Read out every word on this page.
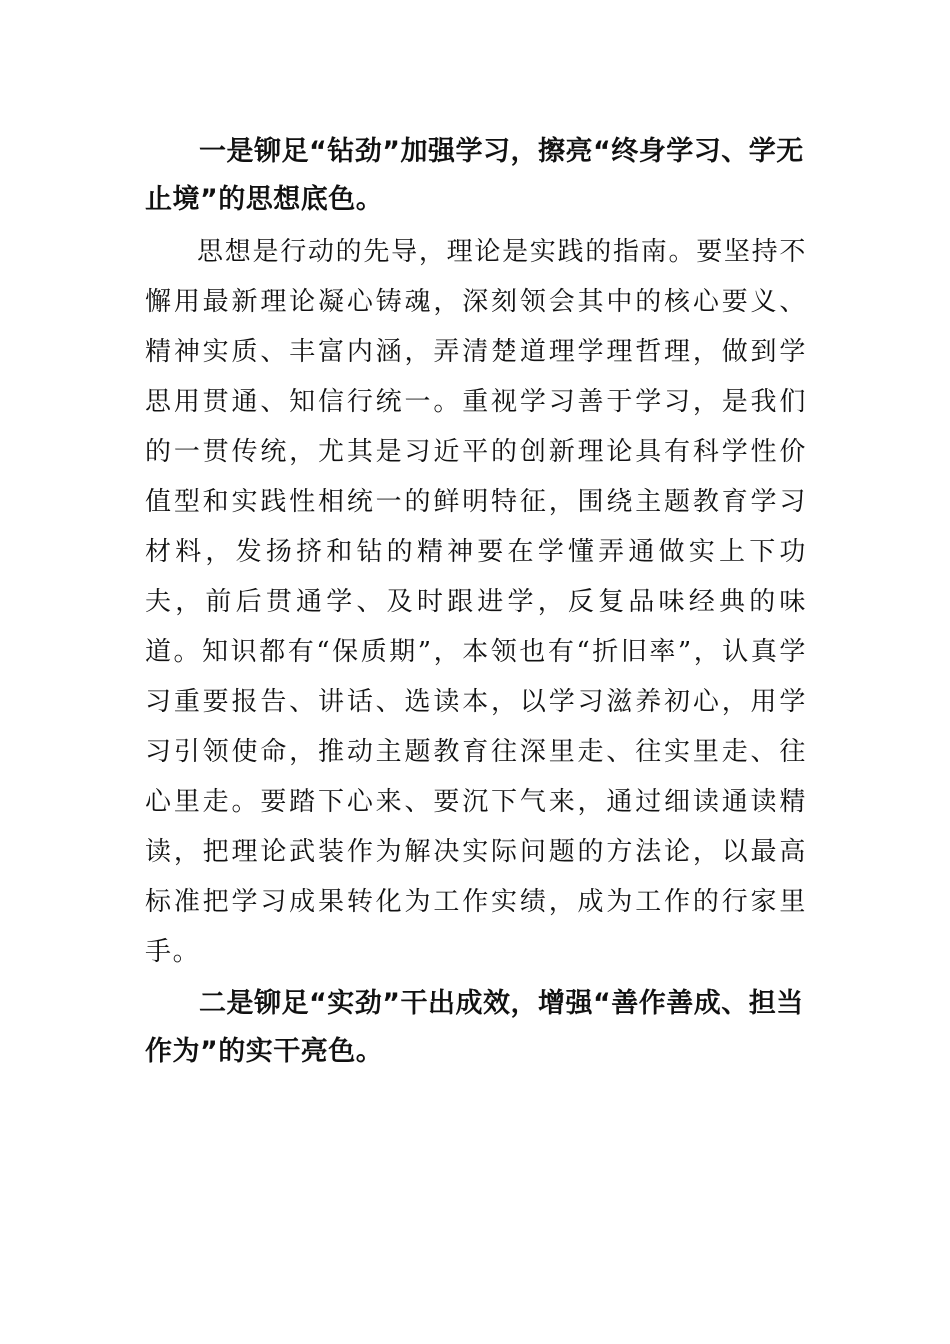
一是铆足“钻劲”加强学习，擦亮“终身学习、学无止境”的思想底色。

思想是行动的先导，理论是实践的指南。要坚持不懈用最新理论凝心铸魂，深刻领会其中的核心要义、精神实质、丰富内涵，弄清楚道理学理哲理，做到学思用贯通、知信行统一。重视学习善于学习，是我们的一贯传统，尤其是习近平的创新理论具有科学性价值型和实践性相统一的鲜明特征，围绕主题教育学习材料，发扬挤和钻的精神要在学懂弄通做实上下功夫，前后贯通学、及时跟进学，反复品味经典的味道。知识都有“保质期”，本领也有“折旧率”，认真学习重要报告、讲话、选读本，以学习滋养初心，用学习引领使命，推动主题教育往深里走、往实里走、往心里走。要踏下心来、要沉下气来，通过细读通读精读，把理论武装作为解决实际问题的方法论，以最高标准把学习成果转化为工作实绩，成为工作的行家里手。

二是铆足“实劲”干出成效，增强“善作善成、担当作为”的实干亮色。
